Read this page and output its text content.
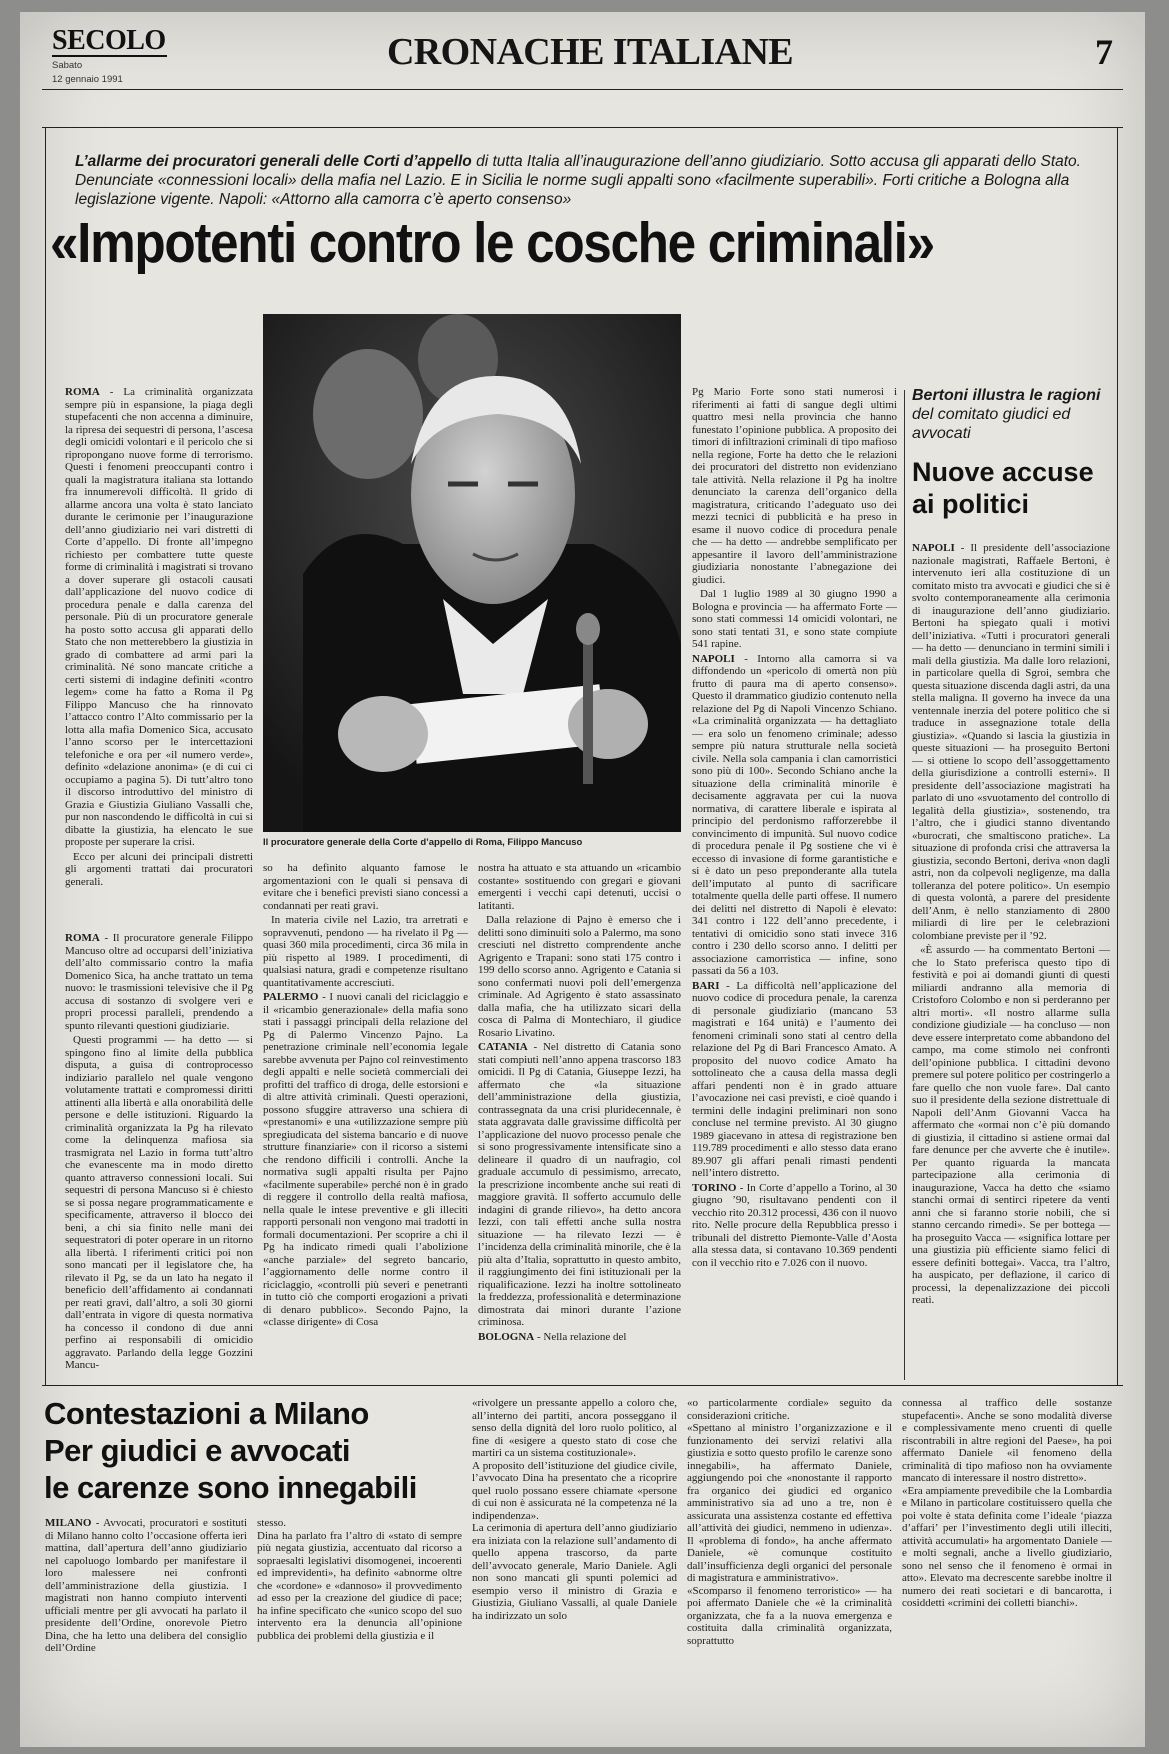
SECOLO
Sabato
12 gennaio 1991
CRONACHE ITALIANE	7
L’allarme dei procuratori generali delle Corti d’appello di tutta Italia all’inaugurazione dell’anno giudiziario. Sotto accusa gli apparati dello Stato. Denunciate «connessioni locali» della mafia nel Lazio. E in Sicilia le norme sugli appalti sono «facilmente superabili». Forti critiche a Bologna alla legislazione vigente. Napoli: «Attorno alla camorra c’è aperto consenso»
«Impotenti contro le cosche criminali»

ROMA - La criminalità organizzata sempre più in espansione, la piaga degli stupefacenti che non accenna a diminuire, la ripresa dei sequestri di persona, l’ascesa degli omicidi volontari e il pericolo che si ripropongano nuove forme di terrorismo. Questi i fenomeni preoccupanti contro i quali la magistratura italiana sta lottando fra innumerevoli difficoltà. Il grido di allarme ancora una volta è stato lanciato durante le cerimonie per l’inaugurazione dell’anno giudiziario nei vari distretti di Corte d’appello. Di fronte all’impegno richiesto per combattere tutte queste forme di criminalità i magistrati si trovano a dover superare gli ostacoli causati dall’applicazione del nuovo codice di procedura penale e dalla carenza del personale. Più di un procuratore generale ha posto sotto accusa gli apparati dello Stato che non metterebbero la giustizia in grado di combattere ad armi pari la criminalità. Né sono mancate critiche a certi sistemi di indagine definiti «contro legem» come ha fatto a Roma il Pg Filippo Mancuso che ha rinnovato l’attacco contro l’Alto commissario per la lotta alla mafia Domenico Sica, accusato l’anno scorso per le intercettazioni telefoniche e ora per «il numero verde», definito «delazione anonima» (e di cui ci occupiamo a pagina 5). Di tutt’altro tono il discorso introduttivo del ministro di Grazia e Giustizia Giuliano Vassalli che, pur non nascondendo le difficoltà in cui si dibatte la giustizia, ha elencato le sue proposte per superare la crisi.

Ecco per alcuni dei principali distretti gli argomenti trattati dai procuratori generali.

ROMA - Il procuratore generale Filippo Mancuso oltre ad occuparsi dell’iniziativa dell’alto commissario contro la mafia Domenico Sica, ha anche trattato un tema nuovo: le trasmissioni televisive che il Pg accusa di sostanzo di svolgere veri e propri processi paralleli, prendendo a spunto rilevanti questioni giudiziarie.

Questi programmi — ha detto — si spingono fino al limite della pubblica disputa, a guisa di controprocesso indiziario parallelo nel quale vengono volutamente trattati e compromessi diritti attinenti alla libertà e alla onorabilità delle persone e delle istituzioni. Riguardo la criminalità organizzata la Pg ha rilevato come la delinquenza mafiosa sia trasmigrata nel Lazio in forma tutt’altro che evanescente ma in modo diretto quanto attraverso connessioni locali. Sui sequestri di persona Mancuso si è chiesto se si possa negare programmaticamente e specificamente, attraverso il blocco dei beni, a chi sia finito nelle mani dei sequestratori di poter operare in un ritorno alla libertà. I riferimenti critici poi non sono mancati per il legislatore che, ha rilevato il Pg, se da un lato ha negato il beneficio dell’affidamento ai condannati per reati gravi, dall’altro, a soli 30 giorni dall’entrata in vigore di questa normativa ha concesso il condono di due anni perfino ai responsabili di omicidio aggravato. Parlando della legge Gozzini Mancu-

Il procuratore generale della Corte d’appello di Roma, Filippo Mancuso

so ha definito alquanto famose le argomentazioni con le quali si pensava di evitare che i benefici previsti siano concessi a condannati per reati gravi.

In materia civile nel Lazio, tra arretrati e sopravvenuti, pendono — ha rivelato il Pg — quasi 360 mila procedimenti, circa 36 mila in più rispetto al 1989. I procedimenti, di qualsiasi natura, gradi e competenze risultano quantitativamente accresciuti.

PALERMO - I nuovi canali del riciclaggio e il «ricambio generazionale» della mafia sono stati i passaggi principali della relazione del Pg di Palermo Vincenzo Pajno. La penetrazione criminale nell’economia legale sarebbe avvenuta per Pajno col reinvestimento degli appalti e nelle società commerciali dei profitti del traffico di droga, delle estorsioni e di altre attività criminali. Questi operazioni, possono sfuggire attraverso una schiera di «prestanomi» e una «utilizzazione sempre più spregiudicata del sistema bancario e di nuove strutture finanziarie» con il ricorso a sistemi che rendono difficili i controlli. Anche la normativa sugli appalti risulta per Pajno «facilmente superabile» perché non è in grado di reggere il controllo della realtà mafiosa, nella quale le intese preventive e gli illeciti rapporti personali non vengono mai tradotti in formali documentazioni. Per scoprire a chi il Pg ha indicato rimedi quali l’abolizione «anche parziale» del segreto bancario, l’aggiornamento delle norme contro il riciclaggio, «controlli più severi e penetranti in tutto ciò che comporti erogazioni a privati di denaro pubblico». Secondo Pajno, la «classe dirigente» di Cosa

nostra ha attuato e sta attuando un «ricambio costante» sostituendo con gregari e giovani emergenti i vecchi capi detenuti, uccisi o latitanti.

Dalla relazione di Pajno è emerso che i delitti sono diminuiti solo a Palermo, ma sono cresciuti nel distretto comprendente anche Agrigento e Trapani: sono stati 175 contro i 199 dello scorso anno. Agrigento e Catania si sono confermati nuovi poli dell’emergenza criminale. Ad Agrigento è stato assassinato dalla mafia, che ha utilizzato sicari della cosca di Palma di Montechiaro, il giudice Rosario Livatino.

CATANIA - Nel distretto di Catania sono stati compiuti nell’anno appena trascorso 183 omicidi. Il Pg di Catania, Giuseppe Iezzi, ha affermato che «la situazione dell’amministrazione della giustizia, contrassegnata da una crisi pluridecennale, è stata aggravata dalle gravissime difficoltà per l’applicazione del nuovo processo penale che si sono progressivamente intensificate sino a delineare il quadro di un naufragio, col graduale accumulo di pessimismo, arrecato, la prescrizione incombente anche sui reati di maggiore gravità. Il sofferto accumulo delle indagini di grande rilievo», ha detto ancora Iezzi, con tali effetti anche sulla nostra situazione — ha rilevato Iezzi — è l’incidenza della criminalità minorile, che è la più alta d’Italia, soprattutto in questo ambito, il raggiungimento dei fini istituzionali per la riqualificazione. Iezzi ha inoltre sottolineato la freddezza, professionalità e determinazione dimostrata dai minori durante l’azione criminosa.

BOLOGNA - Nella relazione del

Pg Mario Forte sono stati numerosi i riferimenti ai fatti di sangue degli ultimi quattro mesi nella provincia che hanno funestato l’opinione pubblica. A proposito dei timori di infiltrazioni criminali di tipo mafioso nella regione, Forte ha detto che le relazioni dei procuratori del distretto non evidenziano tale attività. Nella relazione il Pg ha inoltre denunciato la carenza dell’organico della magistratura, criticando l’adeguato uso dei mezzi tecnici di pubblicità e ha preso in esame il nuovo codice di procedura penale che — ha detto — andrebbe semplificato per appesantire il lavoro dell’amministrazione giudiziaria nonostante l’abnegazione dei giudici.

Dal 1 luglio 1989 al 30 giugno 1990 a Bologna e provincia — ha affermato Forte — sono stati commessi 14 omicidi volontari, ne sono stati tentati 31, e sono state compiute 541 rapine.

NAPOLI - Intorno alla camorra si va diffondendo un «pericolo di omertà non più frutto di paura ma di aperto consenso». Questo il drammatico giudizio contenuto nella relazione del Pg di Napoli Vincenzo Schiano. «La criminalità organizzata — ha dettagliato — era solo un fenomeno criminale; adesso sempre più natura strutturale nella società civile. Nella sola campania i clan camorristici sono più di 100». Secondo Schiano anche la situazione della criminalità minorile è decisamente aggravata per cui la nuova normativa, di carattere liberale e ispirata al principio del perdonismo rafforzerebbe il convincimento di impunità. Sul nuovo codice di procedura penale il Pg sostiene che vi è eccesso di invasione di forme garantistiche e si è dato un peso preponderante alla tutela dell’imputato al punto di sacrificare totalmente quella delle parti offese. Il numero dei delitti nel distretto di Napoli è elevato: 341 contro i 122 dell’anno precedente, i tentativi di omicidio sono stati invece 316 contro i 230 dello scorso anno. I delitti per associazione camorristica — infine, sono passati da 56 a 103.

BARI - La difficoltà nell’applicazione del nuovo codice di procedura penale, la carenza di personale giudiziario (mancano 53 magistrati e 164 unità) e l’aumento dei fenomeni criminali sono stati al centro della relazione del Pg di Bari Francesco Amato. A proposito del nuovo codice Amato ha sottolineato che a causa della massa degli affari pendenti non è in grado attuare l’avocazione nei casi previsti, e cioè quando i termini delle indagini preliminari non sono concluse nel termine previsto. Al 30 giugno 1989 giacevano in attesa di registrazione ben 119.789 procedimenti e allo stesso data erano 89.907 gli affari penali rimasti pendenti nell’intero distretto.

TORINO - In Corte d’appello a Torino, al 30 giugno ’90, risultavano pendenti con il vecchio rito 20.312 processi, 436 con il nuovo rito. Nelle procure della Repubblica presso i tribunali del distretto Piemonte-Valle d’Aosta alla stessa data, si contavano 10.369 pendenti con il vecchio rito e 7.026 con il nuovo.

Bertoni illustra le ragioni
del comitato giudici ed avvocati
Nuove accuse ai politici

NAPOLI - Il presidente dell’associazione nazionale magistrati, Raffaele Bertoni, è intervenuto ieri alla costituzione di un comitato misto tra avvocati e giudici che si è svolto contemporaneamente alla cerimonia di inaugurazione dell’anno giudiziario. Bertoni ha spiegato quali i motivi dell’iniziativa. «Tutti i procuratori generali — ha detto — denunciano in termini simili i mali della giustizia. Ma dalle loro relazioni, in particolare quella di Sgroi, sembra che questa situazione discenda dagli astri, da una stella maligna. Il governo ha invece da una ventennale inerzia del potere politico che si traduce in assegnazione totale della giustizia». «Quando si lascia la giustizia in queste situazioni — ha proseguito Bertoni — si ottiene lo scopo dell’assoggettamento della giurisdizione a controlli esterni». Il presidente dell’associazione magistrati ha parlato di uno «svuotamento del controllo di legalità della giustizia», sostenendo, tra l’altro, che i giudici stanno diventando «burocrati, che smaltiscono pratiche». La situazione di profonda crisi che attraversa la giustizia, secondo Bertoni, deriva «non dagli astri, non da colpevoli negligenze, ma dalla tolleranza del potere politico». Un esempio di questa volontà, a parere del presidente dell’Anm, è nello stanziamento di 2800 miliardi di lire per le celebrazioni colombiane previste per il ’92.

«È assurdo — ha commentato Bertoni — che lo Stato preferisca questo tipo di festività e poi ai domandi giunti di questi miliardi andranno alla memoria di Cristoforo Colombo e non si perderanno per altri morti». «Il nostro allarme sulla condizione giudiziale — ha concluso — non deve essere interpretato come abbandono del campo, ma come stimolo nei confronti dell’opinione pubblica. I cittadini devono premere sul potere politico per costringerlo a fare quello che non vuole fare». Dal canto suo il presidente della sezione distrettuale di Napoli dell’Anm Giovanni Vacca ha affermato che «ormai non c’è più domando di giustizia, il cittadino si astiene ormai dal fare denunce per che avverte che è inutile». Per quanto riguarda la mancata partecipazione alla cerimonia di inaugurazione, Vacca ha detto che «siamo stanchi ormai di sentirci ripetere da venti anni che si faranno storie nobili, che si stanno cercando rimedi». Se per bottega — ha proseguito Vacca — «significa lottare per una giustizia più efficiente siamo felici di essere definiti bottegai». Vacca, tra l’altro, ha auspicato, per deflazione, il carico di processi, la depenalizzazione dei piccoli reati.

Contestazioni a Milano
Per giudici e avvocati
le carenze sono innegabili

MILANO - Avvocati, procuratori e sostituti di Milano hanno colto l’occasione offerta ieri mattina, dall’apertura dell’anno giudiziario nel capoluogo lombardo per manifestare il loro malessere nei confronti dell’amministrazione della giustizia. I magistrati non hanno compiuto interventi ufficiali mentre per gli avvocati ha parlato il presidente dell’Ordine, onorevole Pietro Dina, che ha letto una delibera del consiglio dell’Ordine

stesso.
Dina ha parlato fra l’altro di «stato di sempre più negata giustizia, accentuato dal ricorso a sopraesaltì legislativi disomogenei, incoerenti ed imprevidenti», ha definito «abnorme oltre che «cordone» e «dannoso» il provvedimento ad esso per la creazione del giudice di pace; ha infine specificato che «unico scopo del suo intervento era la denuncia all’opinione pubblica dei problemi della giustizia e il
«rivolgere un pressante appello a coloro che, all’interno dei partiti, ancora posseggano il senso della dignità del loro ruolo politico, al fine di «esigere a questo stato di cose che martiri ca un sistema costituzionale».
A proposito dell’istituzione del giudice civile, l’avvocato Dina ha presentato che a ricoprire quel ruolo possano essere chiamate «persone di cui non è assicurata né la competenza né la indipendenza».
La cerimonia di apertura dell’anno giudiziario era iniziata con la relazione sull’andamento di quello appena trascorso, da parte dell’avvocato generale, Mario Daniele. Agli non sono mancati gli spunti polemici ad esempio verso il ministro di Grazia e Giustizia, Giuliano Vassalli, al quale Daniele ha indirizzato un solo
«o particolarmente cordiale» seguito da considerazioni critiche.
«Spettano al ministro l’organizzazione e il funzionamento dei servizi relativi alla giustizia e sotto questo profilo le carenze sono innegabili», ha affermato Daniele, aggiungendo poi che «nonostante il rapporto fra organico dei giudici ed organico amministrativo sia ad uno a tre, non è assicurata una assistenza costante ed effettiva all’attività dei giudici, nemmeno in udienza». Il «problema di fondo», ha anche affermato Daniele, «è comunque costituito dall’insufficienza degli organici del personale di magistratura e amministrativo».
«Scomparso il fenomeno terroristico» — ha poi affermato Daniele che «è la criminalità organizzata, che fa a la nuova emergenza e costituita dalla criminalità organizzata, soprattutto
connessa al traffico delle sostanze stupefacenti». Anche se sono modalità diverse e complessivamente meno cruenti di quelle riscontrabili in altre regioni del Paese», ha poi affermato Daniele «il fenomeno della criminalità di tipo mafioso non ha ovviamente mancato di interessare il nostro distretto».
«Era ampiamente prevedibile che la Lombardia e Milano in particolare costituissero quella che poi volte è stata definita come l’ideale ‘piazza d’affari’ per l’investimento degli utili illeciti, attività accumulati» ha argomentato Daniele — e molti segnali, anche a livello giudiziario, sono nel senso che il fenomeno è ormai in atto». Elevato ma decrescente sarebbe inoltre il numero dei reati societari e di bancarotta, i cosiddetti «crimini dei colletti bianchi».
